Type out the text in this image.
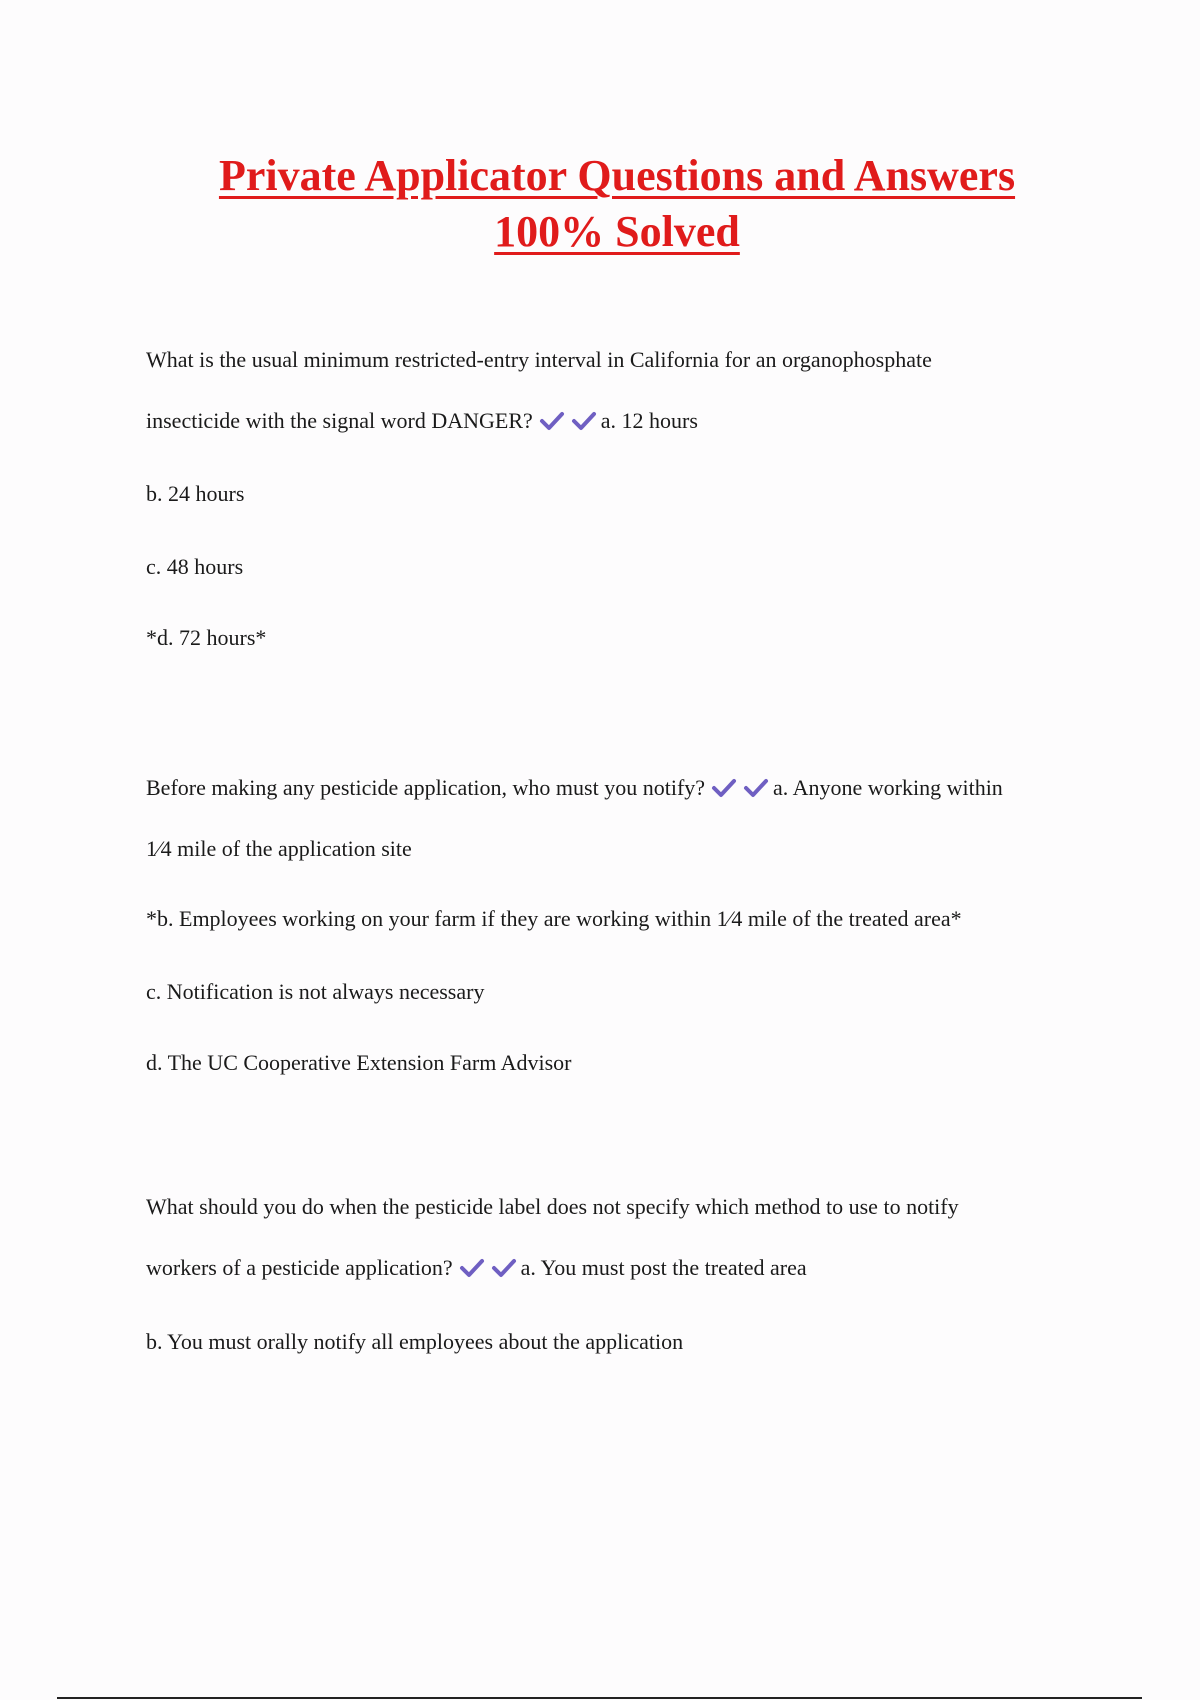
Private Applicator Questions and Answers
100% Solved

What is the usual minimum restricted-entry interval in California for an organophosphate
insecticide with the signal word DANGER?	a. 12 hours

b. 24 hours

c. 48 hours

*d. 72 hours*

Before making any pesticide application, who must you notify?	a. Anyone working within
1⁄4 mile of the application site

*b. Employees working on your farm if they are working within 1⁄4 mile of the treated area*

c. Notification is not always necessary

d. The UC Cooperative Extension Farm Advisor

What should you do when the pesticide label does not specify which method to use to notify
workers of a pesticide application?	a. You must post the treated area

b. You must orally notify all employees about the application
